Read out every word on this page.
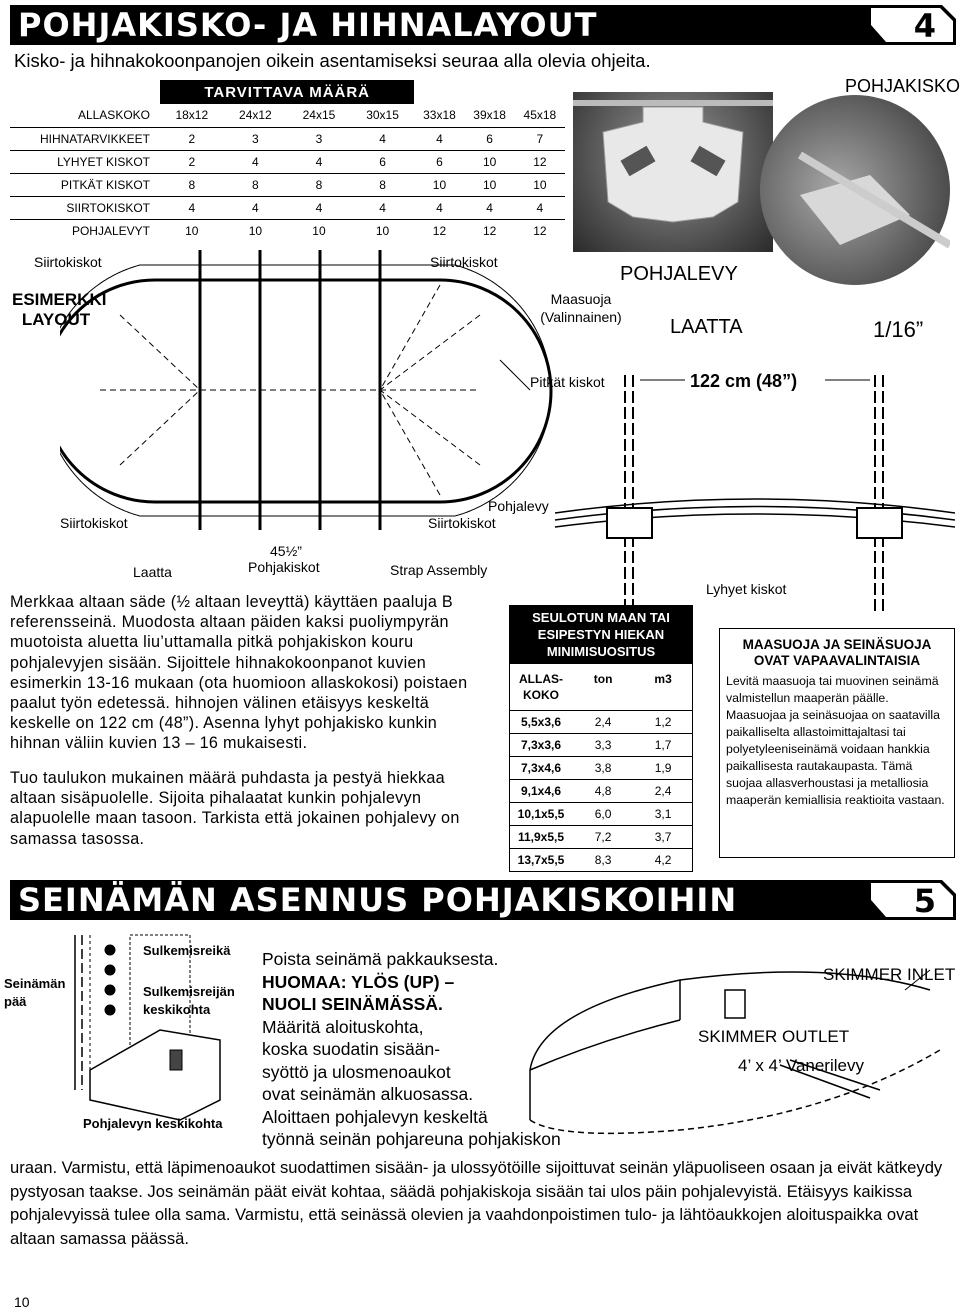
POHJAKISKO- JA HIHNALAYOUT	4
Kisko- ja hihnakokoonpanojen oikein asentamiseksi seuraa alla olevia ohjeita.
	TARVITTAVA MÄÄRÄ						
ALLASKOKO	18x12	24x12	24x15	30x15	33x18	39x18	45x18
HIHNATARVIKKEET	2	3	3	4	4	6	7
LYHYET KISKOT	2	4	4	6	6	10	12
PITKÄT KISKOT	8	8	8	8	10	10	10
SIIRTOKISKOT	4	4	4	4	4	4	4
POHJALEVYT	10	10	10	10	12	12	12
POHJAKISKO
POHJALEVY
LAATTA	1/16”
Maasuoja (Valinnainen)
Siirtokiskot	Siirtokiskot
ESIMERKKI LAYOUT
Siirtokiskot	Siirtokiskot
Laatta
45½”
Pohjakiskot	Strap Assembly
Pitkät kiskot	122 cm (48”)
Pohjalevy
Lyhyet kiskot
Merkkaa altaan säde (½ altaan leveyttä) käyttäen paaluja B referensseinä. Muodosta altaan päiden kaksi puoliympyrän muotoista aluetta liu’uttamalla pitkä pohjakiskon kouru pohjalevyjen sisään. Sijoittele hihnakokoonpanot kuvien esimerkin 13-16 mukaan (ota huomioon allaskokosi) poistaen paalut työn edetessä. hihnojen välinen etäisyys keskeltä keskelle on 122 cm (48”). Asenna lyhyt pohjakisko kunkin hihnan väliin kuvien 13 – 16 mukaisesti.
Tuo taulukon mukainen määrä puhdasta ja pestyä hiekkaa altaan sisäpuolelle. Sijoita pihalaatat kunkin pohjalevyn alapuolelle maan tasoon. Tarkista että jokainen pohjalevy on samassa tasossa.
SEULOTUN MAAN TAI ESIPESTYN HIEKAN MINIMISUOSITUS
ALLAS-KOKO	ton	m3
5,5x3,6	2,4	1,2
7,3x3,6	3,3	1,7
7,3x4,6	3,8	1,9
9,1x4,6	4,8	2,4
10,1x5,5	6,0	3,1
11,9x5,5	7,2	3,7
13,7x5,5	8,3	4,2
MAASUOJA JA SEINÄSUOJA OVAT VAPAAVALINTAISIA

Levitä maasuoja tai muovinen seinämä valmistellun maaperän päälle. Maasuojaa ja seinäsuojaa on saatavilla paikalliselta allastoimittajaltasi tai polyetyleeniseinämä voidaan hankkia paikallisesta rautakaupasta. Tämä suojaa allasverhoustasi ja metalliosia maaperän kemiallisia reaktioita vastaan.

SEINÄMÄN ASENNUS POHJAKISKOIHIN	5
Seinämän pää
Sulkemisreikä
Sulkemisreijän keskikohta
Pohjalevyn keskikohta
Poista seinämä pakkauksesta.
HUOMAA: YLÖS (UP) –
NUOLI SEINÄMÄSSÄ.
Määritä aloituskohta,
koska suodatin sisään-
syöttö ja ulosmenoaukot
ovat seinämän alkuosassa.
Aloittaen pohjalevyn keskeltä
työnnä seinän pohjareuna pohjakiskon
SKIMMER INLET
SKIMMER OUTLET
4’ x 4’ Vanerilevy
uraan. Varmistu, että läpimenoaukot suodattimen sisään- ja ulossyötöille sijoittuvat seinän yläpuoliseen osaan ja eivät kätkeydy pystyosan taakse. Jos seinämän päät eivät kohtaa, säädä pohjakiskoja sisään tai ulos päin pohjalevyistä. Etäisyys kaikissa pohjalevyissä tulee olla sama. Varmistu, että seinässä olevien ja vaahdonpoistimen tulo- ja lähtöaukkojen aloituspaikka ovat altaan samassa päässä.
10
